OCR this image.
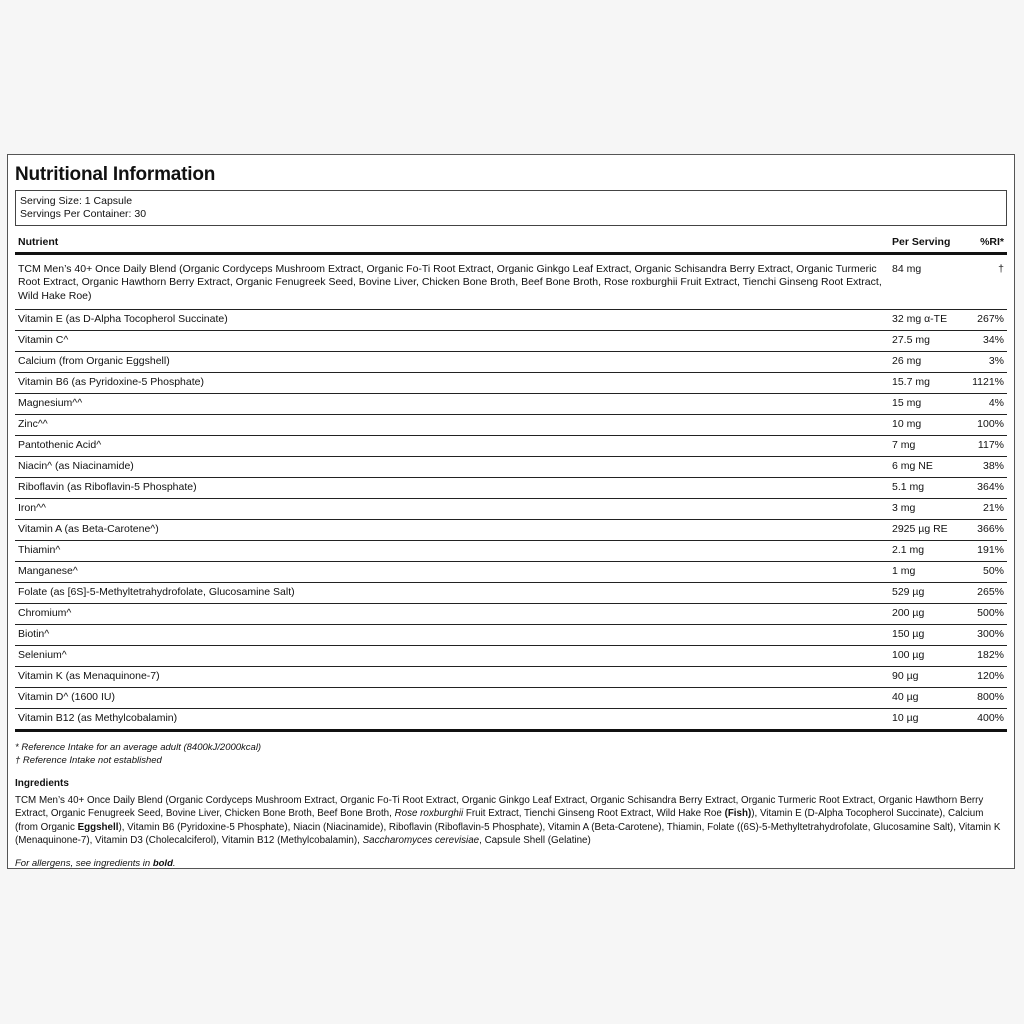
Nutritional Information
Serving Size: 1 Capsule
Servings Per Container: 30
Nutrient	Per Serving	%RI*
TCM Men’s 40+ Once Daily Blend (Organic Cordyceps Mushroom Extract, Organic Fo-Ti Root Extract, Organic Ginkgo Leaf Extract, Organic Schisandra Berry Extract, Organic Turmeric Root Extract, Organic Hawthorn Berry Extract, Organic Fenugreek Seed, Bovine Liver, Chicken Bone Broth, Beef Bone Broth, Rose roxburghii Fruit Extract, Tienchi Ginseng Root Extract, Wild Hake Roe)	84 mg	†
Vitamin E (as D-Alpha Tocopherol Succinate)	32 mg α-TE	267%
Vitamin C^	27.5 mg	34%
Calcium (from Organic Eggshell)	26 mg	3%
Vitamin B6 (as Pyridoxine-5 Phosphate)	15.7 mg	1121%
Magnesium^^	15 mg	4%
Zinc^^	10 mg	100%
Pantothenic Acid^	7 mg	117%
Niacin^ (as Niacinamide)	6 mg NE	38%
Riboflavin (as Riboflavin-5 Phosphate)	5.1 mg	364%
Iron^^	3 mg	21%
Vitamin A (as Beta-Carotene^)	2925 µg RE	366%
Thiamin^	2.1 mg	191%
Manganese^	1 mg	50%
Folate (as [6S]-5-Methyltetrahydrofolate, Glucosamine Salt)	529 µg	265%
Chromium^	200 µg	500%
Biotin^	150 µg	300%
Selenium^	100 µg	182%
Vitamin K (as Menaquinone-7)	90 µg	120%
Vitamin D^ (1600 IU)	40 µg	800%
Vitamin B12 (as Methylcobalamin)	10 µg	400%
* Reference Intake for an average adult (8400kJ/2000kcal)
† Reference Intake not established
Ingredients
TCM Men’s 40+ Once Daily Blend (Organic Cordyceps Mushroom Extract, Organic Fo-Ti Root Extract, Organic Ginkgo Leaf Extract, Organic Schisandra Berry Extract, Organic Turmeric Root Extract, Organic Hawthorn Berry Extract, Organic Fenugreek Seed, Bovine Liver, Chicken Bone Broth, Beef Bone Broth, Rose roxburghii Fruit Extract, Tienchi Ginseng Root Extract, Wild Hake Roe (Fish)), Vitamin E (D-Alpha Tocopherol Succinate), Calcium (from Organic Eggshell), Vitamin B6 (Pyridoxine-5 Phosphate), Niacin (Niacinamide), Riboflavin (Riboflavin-5 Phosphate), Vitamin A (Beta-Carotene), Thiamin, Folate ((6S)-5-Methyltetrahydrofolate, Glucosamine Salt), Vitamin K (Menaquinone-7), Vitamin D3 (Cholecalciferol), Vitamin B12 (Methylcobalamin), Saccharomyces cerevisiae, Capsule Shell (Gelatine)
For allergens, see ingredients in bold.
